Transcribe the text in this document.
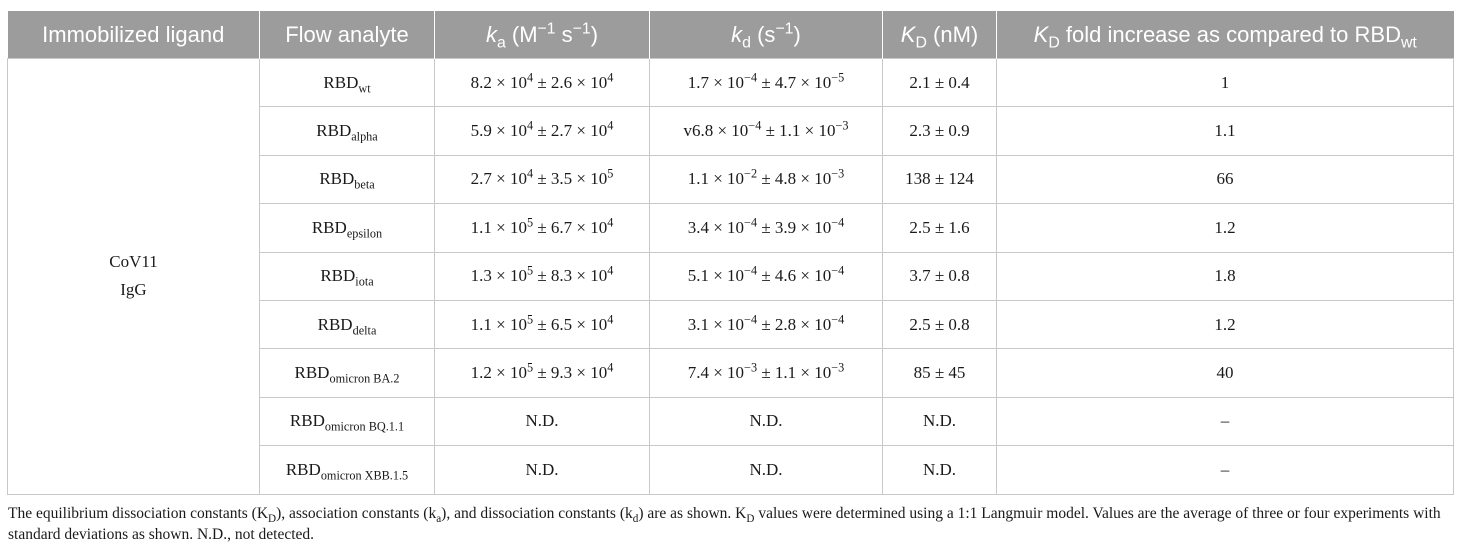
Immobilized ligand	Flow analyte	$k_a$ ($M^{-1}$ $s^{-1}$)	$k_d$ $(s^{-1})$	$K_D$ (nM)	$K_D$ fold increase as compared to $RBD_{wt}$

CoV11
IgG	$RBD_{wt}$	$8.2 \times 10^4 \pm 2.6 \times 10^4$	$1.7 \times 10^{-4} \pm 4.7 \times 10^{-5}$	2.1 ± 0.4	1
	$RBD_{alpha}$	$5.9 \times 10^4 \pm 2.7 \times 10^4$	$v6.8 \times 10^{-4} \pm 1.1 \times 10^{-3}$	2.3 ± 0.9	1.1
	$RBD_{beta}$	$2.7 \times 10^4 \pm 3.5 \times 10^5$	$1.1 \times 10^{-2} \pm 4.8 \times 10^{-3}$	138 ± 124	66
	$RBD_{epsilon}$	$1.1 \times 10^5 \pm 6.7 \times 10^4$	$3.4 \times 10^{-4} \pm 3.9 \times 10^{-4}$	2.5 ± 1.6	1.2
	$RBD_{iota}$	$1.3 \times 10^5 \pm 8.3 \times 10^4$	$5.1 \times 10^{-4} \pm 4.6 \times 10^{-4}$	3.7 ± 0.8	1.8
	$RBD_{delta}$	$1.1 \times 10^5 \pm 6.5 \times 10^4$	$3.1 \times 10^{-4} \pm 2.8 \times 10^{-4}$	2.5 ± 0.8	1.2
	$RBD_{omicron BA.2}$	$1.2 \times 10^5 \pm 9.3 \times 10^4$	$7.4 \times 10^{-3} \pm 1.1 \times 10^{-3}$	85 ± 45	40
	$RBD_{omicron BQ.1.1}$	N.D.	N.D.	N.D.	–
	$RBD_{omicron XBB.1.5}$	N.D.	N.D.	N.D.	–

The equilibrium dissociation constants $(K_D)$, association constants $(k_a)$, and dissociation constants $(k_d)$ are as shown. $K_D$ values were determined using a 1:1 Langmuir model. Values are the average of three or four experiments with standard deviations as shown. N.D., not detected.
